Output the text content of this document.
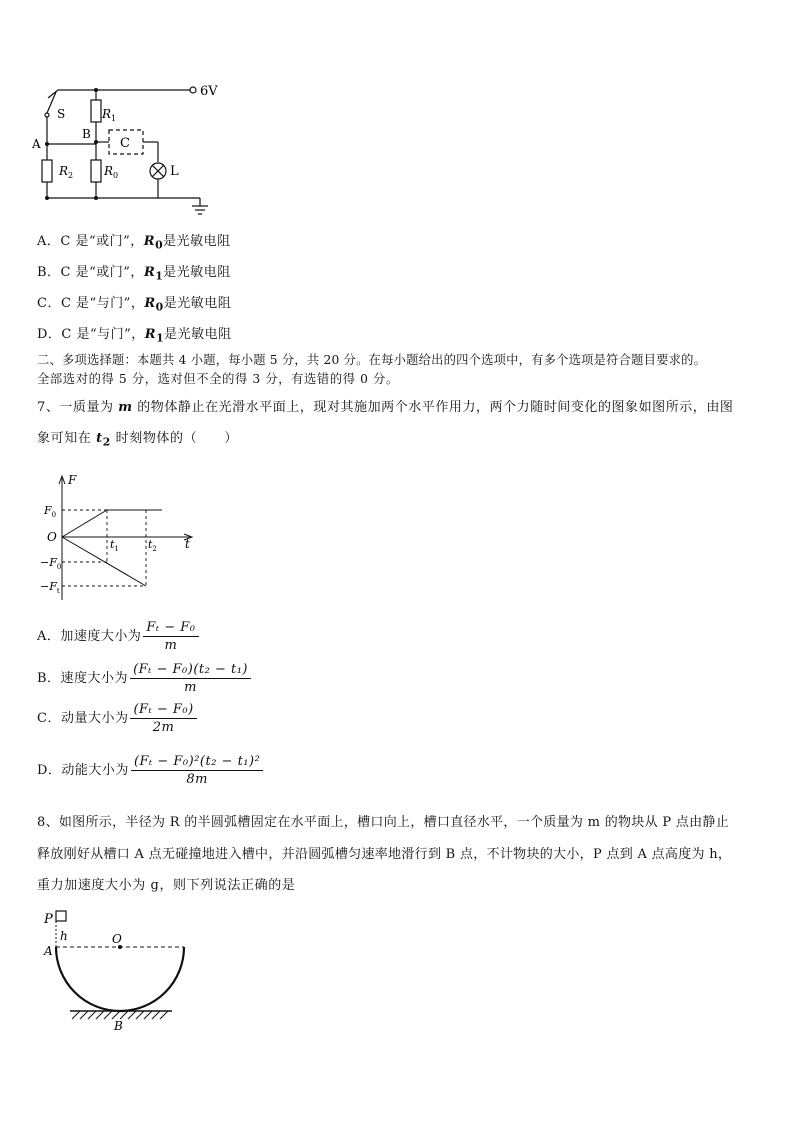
6V
S	$R_1$
B
C
A
$R_2$	$R_0$	L
A．C 是“或门”，$R_0$是光敏电阻
B．C 是“或门”，$R_1$是光敏电阻
C．C 是“与门”，$R_0$是光敏电阻
D．C 是“与门”，$R_1$是光敏电阻
二、多项选择题：本题共 4 小题，每小题 5 分，共 20 分。在每小题给出的四个选项中，有多个选项是符合题目要求的。
全部选对的得 5 分，选对但不全的得 3 分，有选错的得 0 分。
7、一质量为 m 的物体静止在光滑水平面上，现对其施加两个水平作用力，两个力随时间变化的图象如图所示，由图
象可知在 $t_2$ 时刻物体的（　　）
F
t
O
$F_0$
$-F_0$
$-F_t$
$t_1$	$t_2$
A．加速度大小为 $\frac{\text{Fₜ − F₀}}{m}$
B．速度大小为 $\frac{\text{(Fₜ − F₀)(t₂ − t₁)}}{m}$
C．动量大小为 $\frac{\text{(Fₜ − F₀)}}{2m}$
D．动能大小为 $\frac{\text{(Fₜ − F₀)²(t₂ − t₁)²}}{8m}$
8、如图所示，半径为 R 的半圆弧槽固定在水平面上，槽口向上，槽口直径水平，一个质量为 m 的物块从 P 点由静止
释放刚好从槽口 A 点无碰撞地进入槽中，并沿圆弧槽匀速率地滑行到 B 点，不计物块的大小，P 点到 A 点高度为 h，
重力加速度大小为 g，则下列说法正确的是
P
h	O
A
B
